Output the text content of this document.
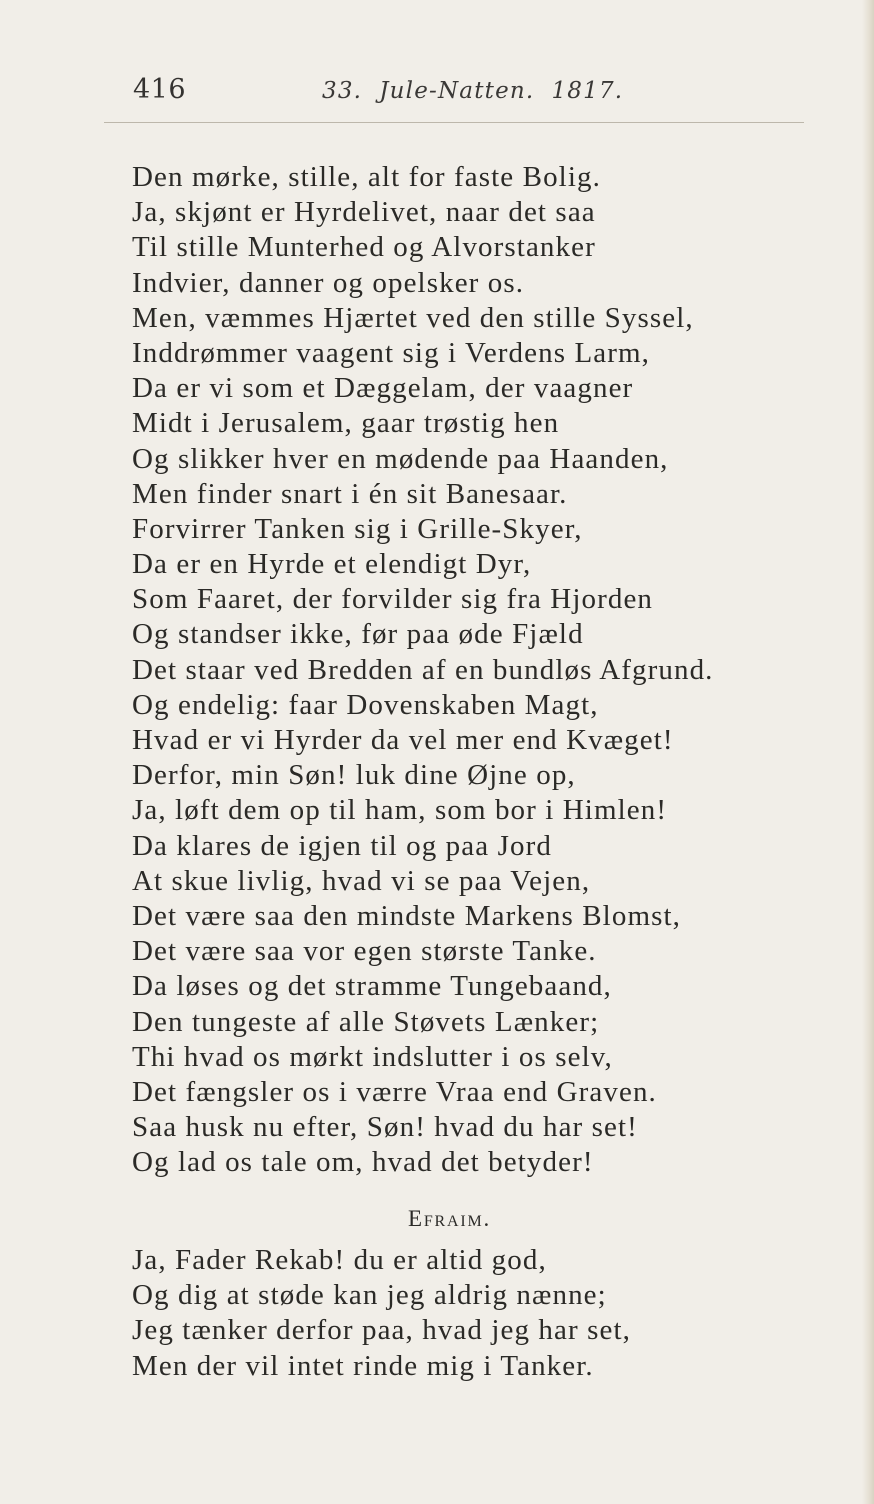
416	33.  Jule-Natten.  1817.
Den mørke, stille, alt for faste Bolig.
Ja, skjønt er Hyrdelivet, naar det saa
Til stille Munterhed og Alvorstanker
Indvier, danner og opelsker os.
Men, væmmes Hjærtet ved den stille Syssel,
Inddrømmer vaagent sig i Verdens Larm,
Da er vi som et Dæggelam, der vaagner
Midt i Jerusalem, gaar trøstig hen
Og slikker hver en mødende paa Haanden,
Men finder snart i én sit Banesaar.
Forvirrer Tanken sig i Grille-Skyer,
Da er en Hyrde et elendigt Dyr,
Som Faaret, der forvilder sig fra Hjorden
Og standser ikke, før paa øde Fjæld
Det staar ved Bredden af en bundløs Afgrund.
Og endelig: faar Dovenskaben Magt,
Hvad er vi Hyrder da vel mer end Kvæget!
Derfor, min Søn! luk dine Øjne op,
Ja, løft dem op til ham, som bor i Himlen!
Da klares de igjen til og paa Jord
At skue livlig, hvad vi se paa Vejen,
Det være saa den mindste Markens Blomst,
Det være saa vor egen største Tanke.
Da løses og det stramme Tungebaand,
Den tungeste af alle Støvets Lænker;
Thi hvad os mørkt indslutter i os selv,
Det fængsler os i værre Vraa end Graven.
Saa husk nu efter, Søn! hvad du har set!
Og lad os tale om, hvad det betyder!
Efraim.
Ja, Fader Rekab! du er altid god,
Og dig at støde kan jeg aldrig nænne;
Jeg tænker derfor paa, hvad jeg har set,
Men der vil intet rinde mig i Tanker.
